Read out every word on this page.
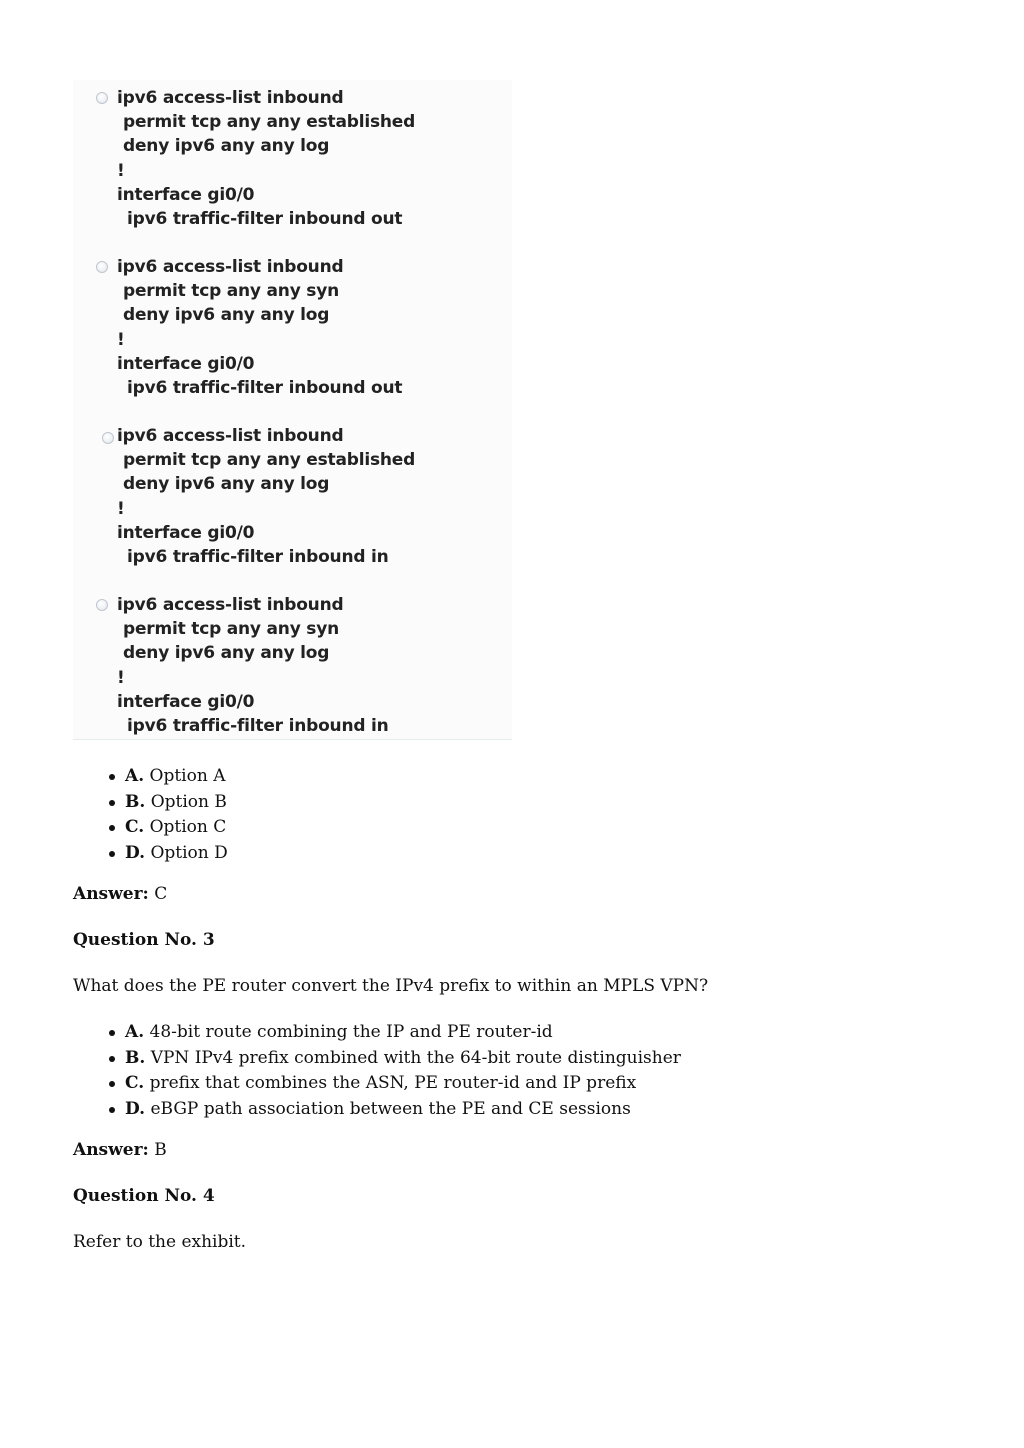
ipv6 access-list inbound
permit tcp any any established
deny ipv6 any any log
!
interface gi0/0
ipv6 traffic-filter inbound out
ipv6 access-list inbound
permit tcp any any syn
deny ipv6 any any log
!
interface gi0/0
ipv6 traffic-filter inbound out
ipv6 access-list inbound
permit tcp any any established
deny ipv6 any any log
!
interface gi0/0
ipv6 traffic-filter inbound in
ipv6 access-list inbound
permit tcp any any syn
deny ipv6 any any log
!
interface gi0/0
ipv6 traffic-filter inbound in
A. Option A
B. Option B
C. Option C
D. Option D

Answer: C

Question No. 3

What does the PE router convert the IPv4 prefix to within an MPLS VPN?

A. 48-bit route combining the IP and PE router-id
B. VPN IPv4 prefix combined with the 64-bit route distinguisher
C. prefix that combines the ASN, PE router-id and IP prefix
D. eBGP path association between the PE and CE sessions

Answer: B

Question No. 4

Refer to the exhibit.
